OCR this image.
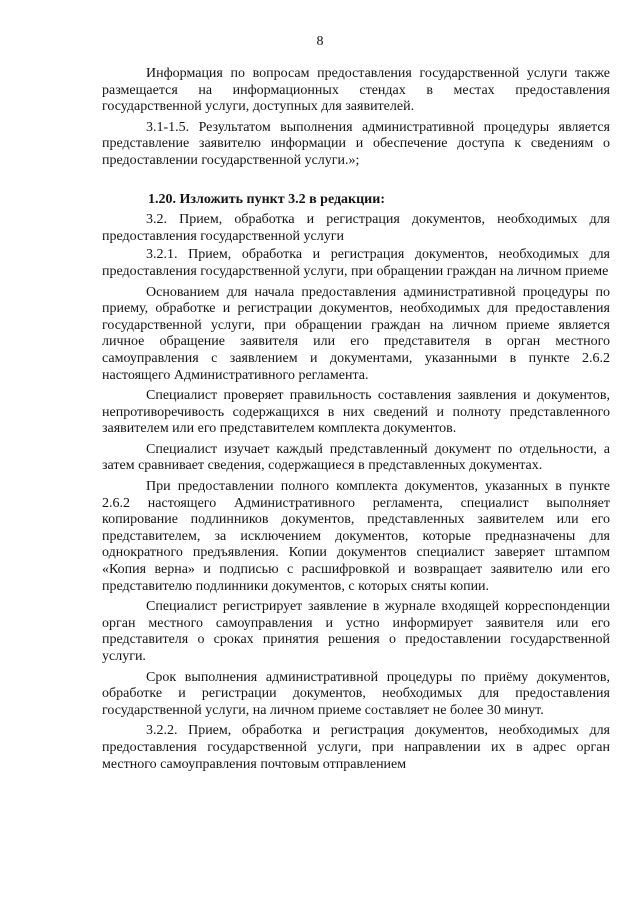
8

Информация по вопросам предоставления государственной услуги также размещается на информационных стендах в местах предоставления государственной услуги, доступных для заявителей.

3.1-1.5. Результатом выполнения административной процедуры является представление заявителю информации и обеспечение доступа к сведениям о предоставлении государственной услуги.»;

1.20. Изложить пункт 3.2 в редакции:

3.2. Прием, обработка и регистрация документов, необходимых для предоставления государственной услуги

3.2.1. Прием, обработка и регистрация документов, необходимых для предоставления государственной услуги, при обращении граждан на личном приеме

Основанием для начала предоставления административной процедуры по приему, обработке и регистрации документов, необходимых для предоставления государственной услуги, при обращении граждан на личном приеме является личное обращение заявителя или его представителя в орган местного самоуправления с заявлением и документами, указанными в пункте 2.6.2 настоящего Административного регламента.

Специалист проверяет правильность составления заявления и документов, непротиворечивость содержащихся в них сведений и полноту представленного заявителем или его представителем комплекта документов.

Специалист изучает каждый представленный документ по отдельности, а затем сравнивает сведения, содержащиеся в представленных документах.

При предоставлении полного комплекта документов, указанных в пункте 2.6.2 настоящего Административного регламента, специалист выполняет копирование подлинников документов, представленных заявителем или его представителем, за исключением документов, которые предназначены для однократного предъявления. Копии документов специалист заверяет штампом «Копия верна» и подписью с расшифровкой и возвращает заявителю или его представителю подлинники документов, с которых сняты копии.

Специалист регистрирует заявление в журнале входящей корреспонденции орган местного самоуправления и устно информирует заявителя или его представителя о сроках принятия решения о предоставлении государственной услуги.

Срок выполнения административной процедуры по приёму документов, обработке и регистрации документов, необходимых для предоставления государственной услуги, на личном приеме составляет не более 30 минут.

3.2.2. Прием, обработка и регистрация документов, необходимых для предоставления государственной услуги, при направлении их в адрес орган местного самоуправления почтовым отправлением
